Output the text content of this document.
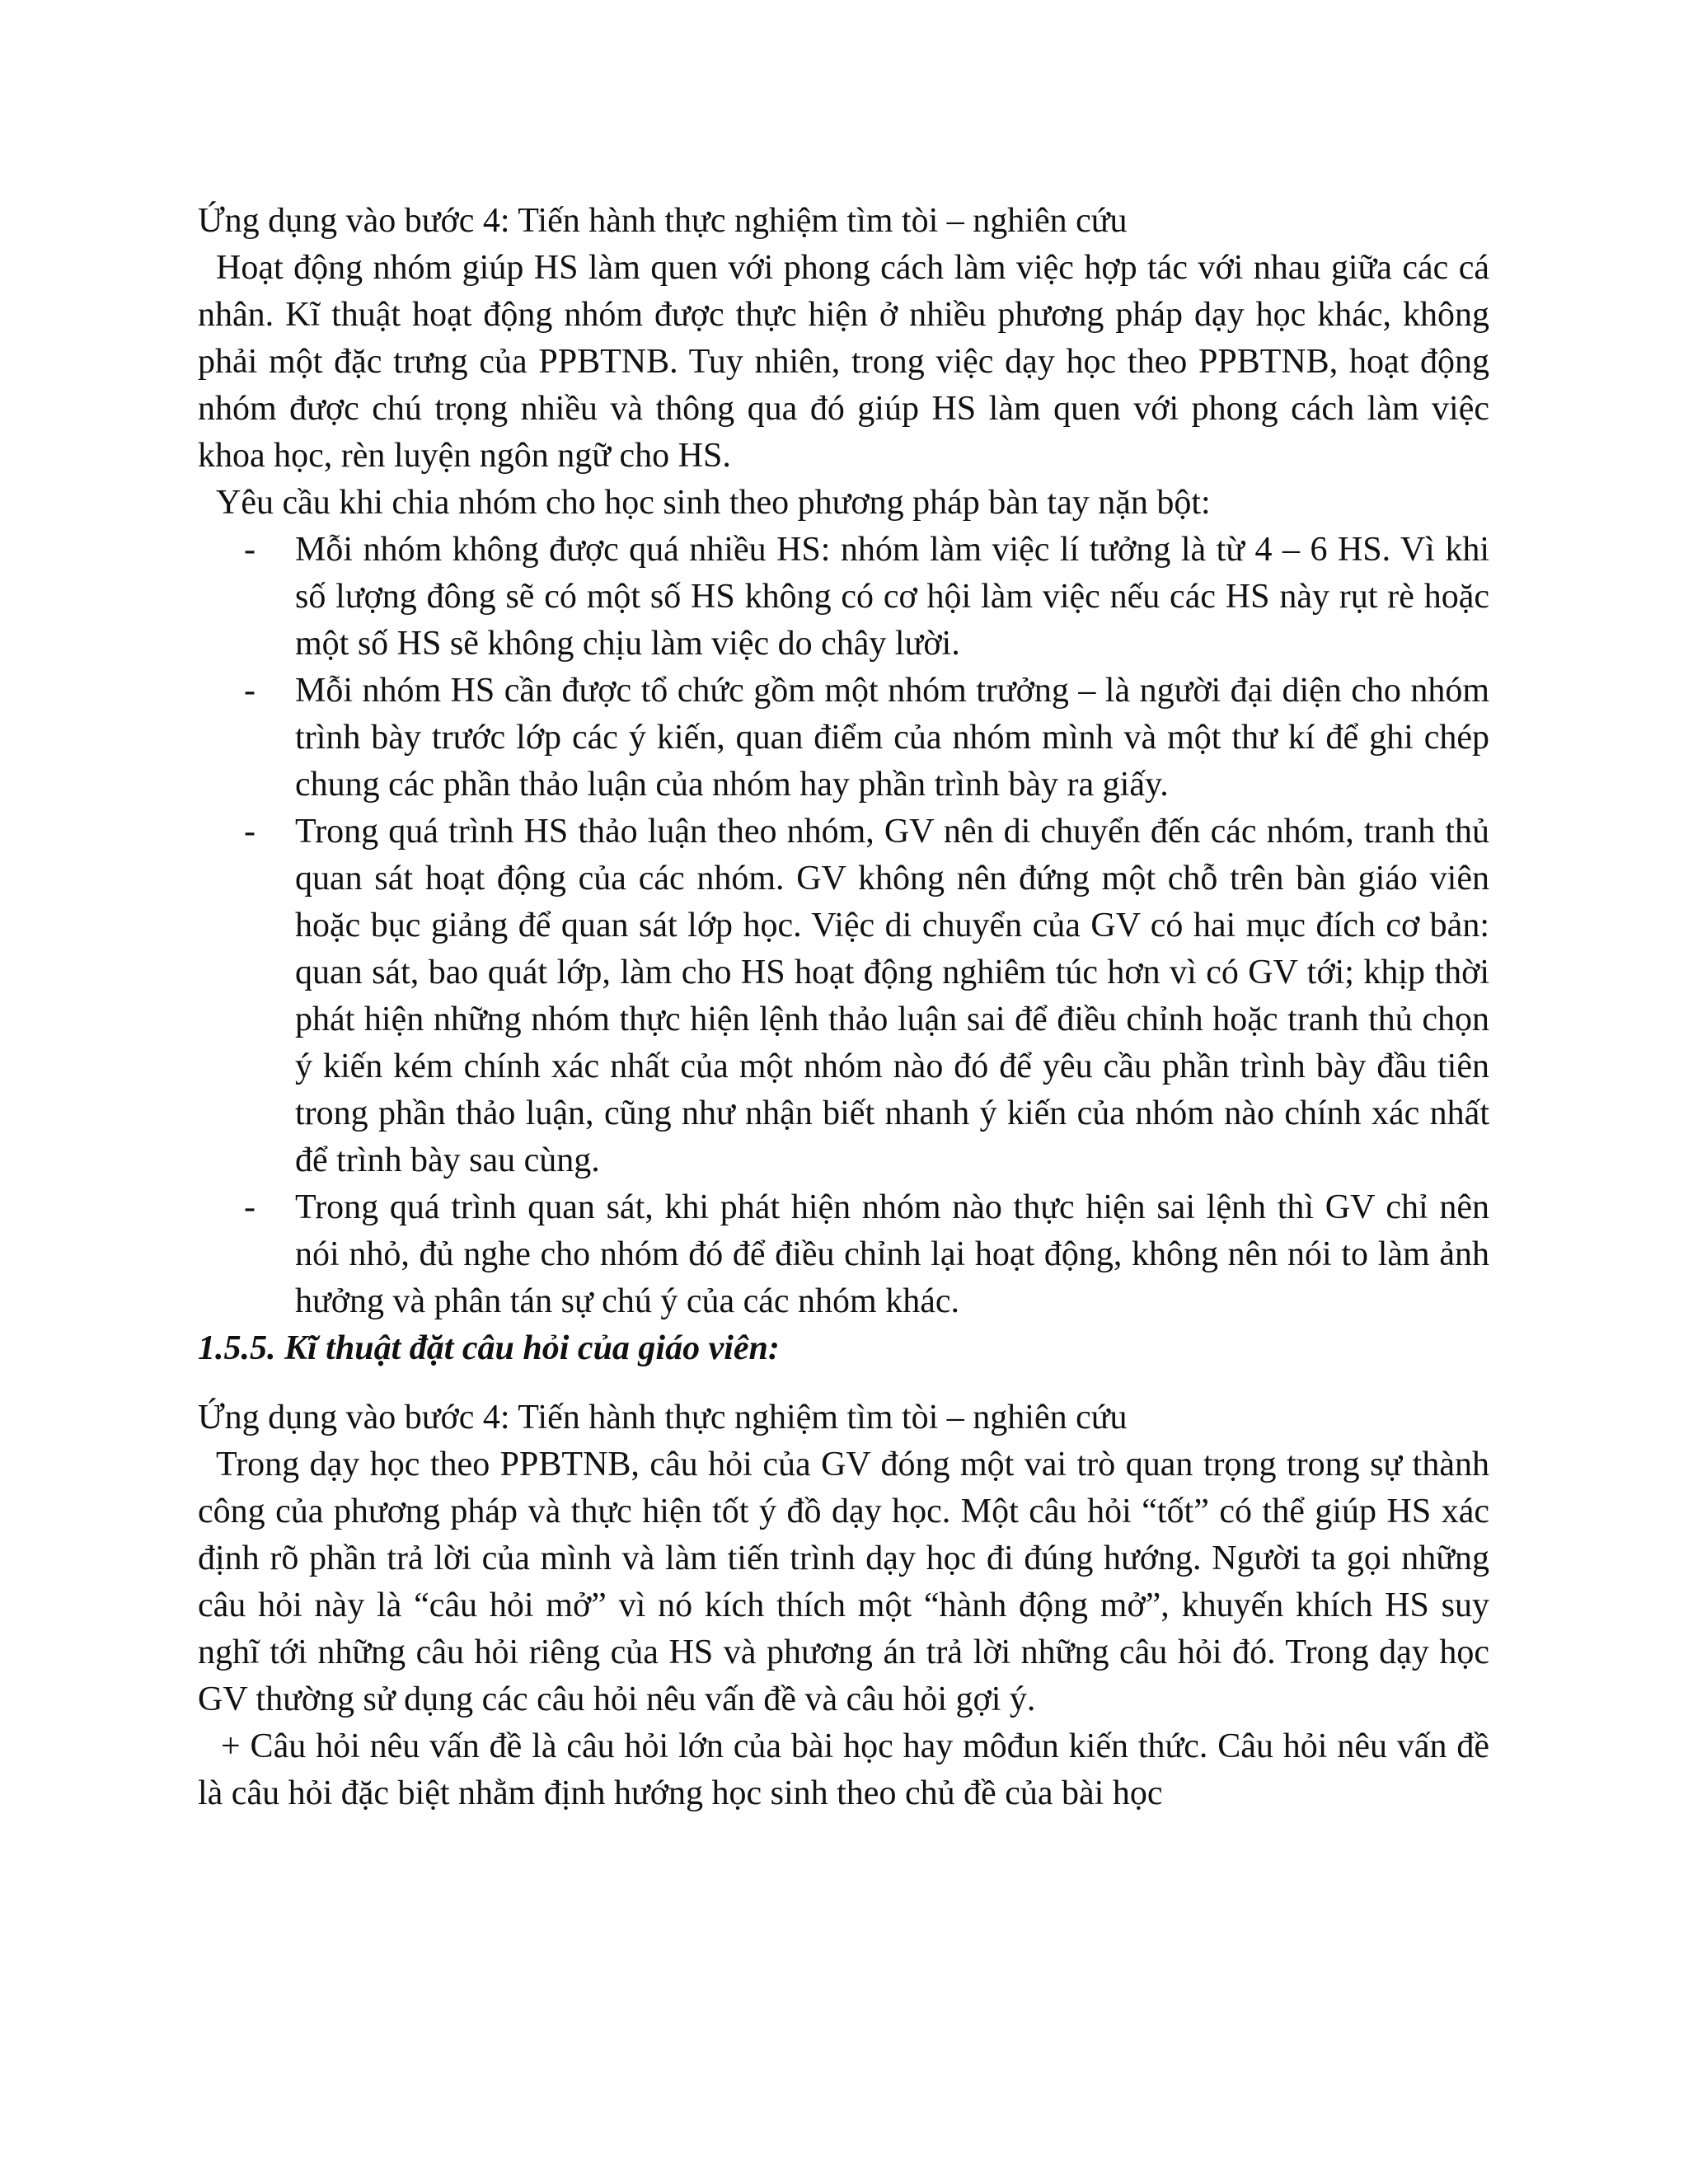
Ứng dụng vào bước 4: Tiến hành thực nghiệm tìm tòi – nghiên cứu

Hoạt động nhóm giúp HS làm quen với phong cách làm việc hợp tác với nhau giữa các cá nhân. Kĩ thuật hoạt động nhóm được thực hiện ở nhiều phương pháp dạy học khác, không phải một đặc trưng của PPBTNB. Tuy nhiên, trong việc dạy học theo PPBTNB, hoạt động nhóm được chú trọng nhiều và thông qua đó giúp HS làm quen với phong cách làm việc khoa học, rèn luyện ngôn ngữ cho HS.

Yêu cầu khi chia nhóm cho học sinh theo phương pháp bàn tay nặn bột:

- Mỗi nhóm không được quá nhiều HS: nhóm làm việc lí tưởng là từ 4 – 6 HS. Vì khi số lượng đông sẽ có một số HS không có cơ hội làm việc nếu các HS này rụt rè hoặc một số HS sẽ không chịu làm việc do chây lười.
- Mỗi nhóm HS cần được tổ chức gồm một nhóm trưởng – là người đại diện cho nhóm trình bày trước lớp các ý kiến, quan điểm của nhóm mình và một thư kí để ghi chép chung các phần thảo luận của nhóm hay phần trình bày ra giấy.
- Trong quá trình HS thảo luận theo nhóm, GV nên di chuyển đến các nhóm, tranh thủ quan sát hoạt động của các nhóm. GV không nên đứng một chỗ trên bàn giáo viên hoặc bục giảng để quan sát lớp học. Việc di chuyển của GV có hai mục đích cơ bản: quan sát, bao quát lớp, làm cho HS hoạt động nghiêm túc hơn vì có GV tới; khịp thời phát hiện những nhóm thực hiện lệnh thảo luận sai để điều chỉnh hoặc tranh thủ chọn ý kiến kém chính xác nhất của một nhóm nào đó để yêu cầu phần trình bày đầu tiên trong phần thảo luận, cũng như nhận biết nhanh ý kiến của nhóm nào chính xác nhất để trình bày sau cùng.
- Trong quá trình quan sát, khi phát hiện nhóm nào thực hiện sai lệnh thì GV chỉ nên nói nhỏ, đủ nghe cho nhóm đó để điều chỉnh lại hoạt động, không nên nói to làm ảnh hưởng và phân tán sự chú ý của các nhóm khác.

1.5.5. Kĩ thuật đặt câu hỏi của giáo viên:

Ứng dụng vào bước 4: Tiến hành thực nghiệm tìm tòi – nghiên cứu

Trong dạy học theo PPBTNB, câu hỏi của GV đóng một vai trò quan trọng trong sự thành công của phương pháp và thực hiện tốt ý đồ dạy học. Một câu hỏi “tốt” có thể giúp HS xác định rõ phần trả lời của mình và làm tiến trình dạy học đi đúng hướng. Người ta gọi những câu hỏi này là “câu hỏi mở” vì nó kích thích một “hành động mở”, khuyến khích HS suy nghĩ tới những câu hỏi riêng của HS và phương án trả lời những câu hỏi đó. Trong dạy học GV thường sử dụng các câu hỏi nêu vấn đề và câu hỏi gợi ý.

+ Câu hỏi nêu vấn đề là câu hỏi lớn của bài học hay môđun kiến thức. Câu hỏi nêu vấn đề là câu hỏi đặc biệt nhằm định hướng học sinh theo chủ đề của bài học
